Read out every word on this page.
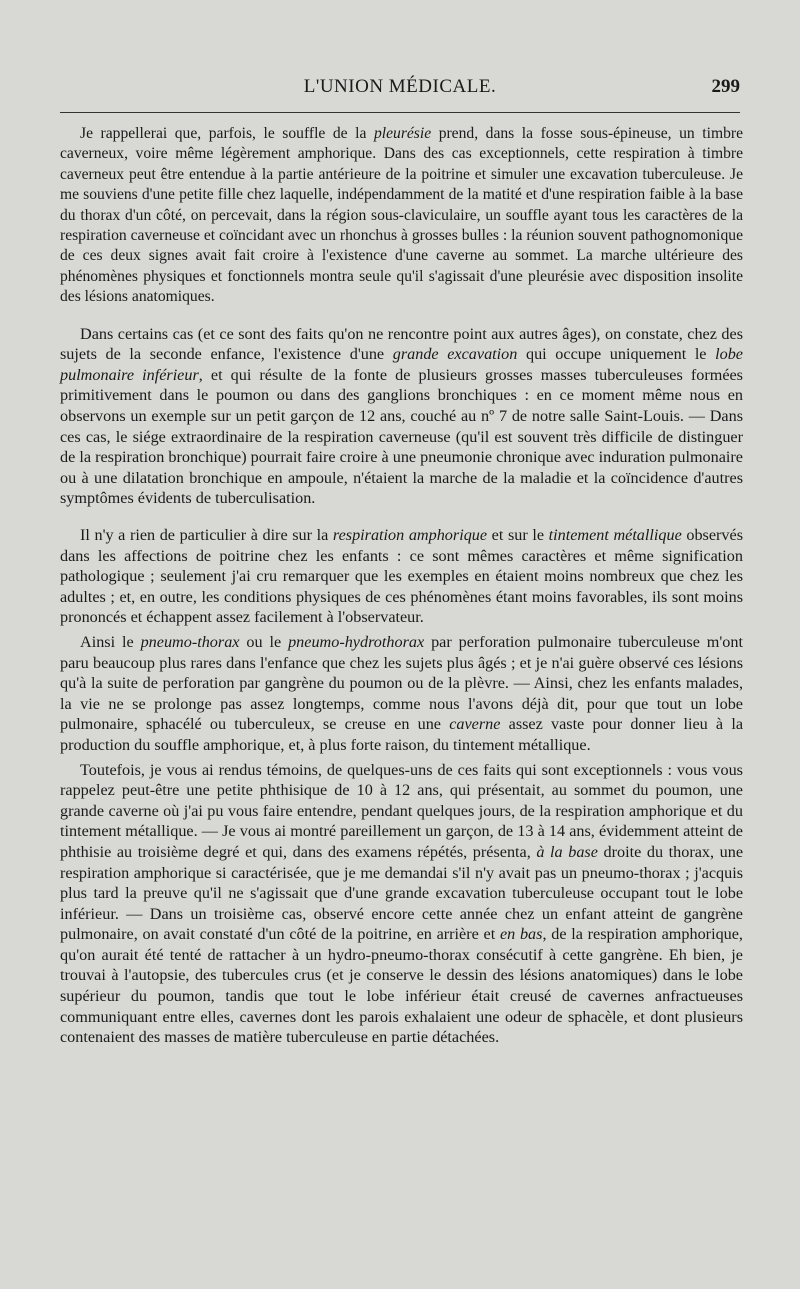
L'UNION MÉDICALE.	299

Je rappellerai que, parfois, le souffle de la pleurésie prend, dans la fosse sous-épineuse, un timbre caverneux, voire même légèrement amphorique. Dans des cas exceptionnels, cette respiration à timbre caverneux peut être entendue à la partie antérieure de la poitrine et simuler une excavation tuberculeuse. Je me souviens d'une petite fille chez laquelle, indépendamment de la matité et d'une respiration faible à la base du thorax d'un côté, on percevait, dans la région sous-claviculaire, un souffle ayant tous les caractères de la respiration caverneuse et coïncidant avec un rhonchus à grosses bulles : la réunion souvent pathognomonique de ces deux signes avait fait croire à l'existence d'une caverne au sommet. La marche ultérieure des phénomènes physiques et fonctionnels montra seule qu'il s'agissait d'une pleurésie avec disposition insolite des lésions anatomiques.

Dans certains cas (et ce sont des faits qu'on ne rencontre point aux autres âges), on constate, chez des sujets de la seconde enfance, l'existence d'une grande excavation qui occupe uniquement le lobe pulmonaire inférieur, et qui résulte de la fonte de plusieurs grosses masses tuberculeuses formées primitivement dans le poumon ou dans des ganglions bronchiques : en ce moment même nous en observons un exemple sur un petit garçon de 12 ans, couché au nº 7 de notre salle Saint-Louis. — Dans ces cas, le siége extraordinaire de la respiration caverneuse (qu'il est souvent très difficile de distinguer de la respiration bronchique) pourrait faire croire à une pneumonie chronique avec induration pulmonaire ou à une dilatation bronchique en ampoule, n'étaient la marche de la maladie et la coïncidence d'autres symptômes évidents de tuberculisation.

Il n'y a rien de particulier à dire sur la respiration amphorique et sur le tintement métallique observés dans les affections de poitrine chez les enfants : ce sont mêmes caractères et même signification pathologique ; seulement j'ai cru remarquer que les exemples en étaient moins nombreux que chez les adultes ; et, en outre, les conditions physiques de ces phénomènes étant moins favorables, ils sont moins prononcés et échappent assez facilement à l'observateur.

Ainsi le pneumo-thorax ou le pneumo-hydrothorax par perforation pulmonaire tuberculeuse m'ont paru beaucoup plus rares dans l'enfance que chez les sujets plus âgés ; et je n'ai guère observé ces lésions qu'à la suite de perforation par gangrène du poumon ou de la plèvre. — Ainsi, chez les enfants malades, la vie ne se prolonge pas assez longtemps, comme nous l'avons déjà dit, pour que tout un lobe pulmonaire, sphacélé ou tuberculeux, se creuse en une caverne assez vaste pour donner lieu à la production du souffle amphorique, et, à plus forte raison, du tintement métallique.

Toutefois, je vous ai rendus témoins, de quelques-uns de ces faits qui sont exceptionnels : vous vous rappelez peut-être une petite phthisique de 10 à 12 ans, qui présentait, au sommet du poumon, une grande caverne où j'ai pu vous faire entendre, pendant quelques jours, de la respiration amphorique et du tintement métallique. — Je vous ai montré pareillement un garçon, de 13 à 14 ans, évidemment atteint de phthisie au troisième degré et qui, dans des examens répétés, présenta, à la base droite du thorax, une respiration amphorique si caractérisée, que je me demandai s'il n'y avait pas un pneumo-thorax ; j'acquis plus tard la preuve qu'il ne s'agissait que d'une grande excavation tuberculeuse occupant tout le lobe inférieur. — Dans un troisième cas, observé encore cette année chez un enfant atteint de gangrène pulmonaire, on avait constaté d'un côté de la poitrine, en arrière et en bas, de la respiration amphorique, qu'on aurait été tenté de rattacher à un hydro-pneumo-thorax consécutif à cette gangrène. Eh bien, je trouvai à l'autopsie, des tubercules crus (et je conserve le dessin des lésions anatomiques) dans le lobe supérieur du poumon, tandis que tout le lobe inférieur était creusé de cavernes anfractueuses communiquant entre elles, cavernes dont les parois exhalaient une odeur de sphacèle, et dont plusieurs contenaient des masses de matière tuberculeuse en partie détachées.
